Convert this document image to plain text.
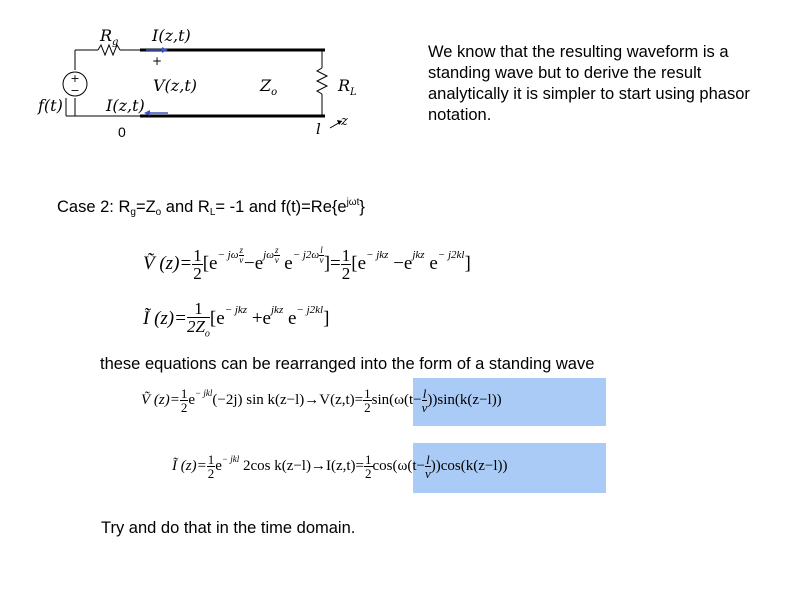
+
−
$R_g$ I(z,t)
+
V(z,t)	$Z_o$	$R_L$
f(t)	I(z,t)
0	l z
We know that the resulting waveform is a standing wave but to derive the result analytically it is simpler to start using phasor notation.
Case 2: $R_g=Z_o$ and $R_L= -1$ and $f(t)=Re\{e^{j\omega t}\}$
Ṽ $(z)= \frac{1}{2} [e^{- j\omega \frac{z}{v}} -e^{j\omega \frac{z}{v}}$ $e^{- j2\omega \frac{l}{v}}$ ]= $\frac{1}{2} [e^{- jkz} -e^{jkz}$ $e^{- j2kl}$]
Ĩ $(z)= \frac{1}{2Z_o} [e^{- jkz} +e^{jkz}$ $e^{- j2kl}$]
these equations can be rearranged into the form of a standing wave
Ṽ $(z)= \frac{1}{2} e^{- jkl}(-2j)$ $\sin k(z-l)\to V(z,t)= \frac{1}{2} \sin(\omega(t- \frac{l}{v} ))\sin(k(z-l))$
Ĩ $(z)= \frac{1}{2} e^{- jkl}$ 2cos $k(z-l)\to I(z,t)= \frac{1}{2} \cos(\omega(t- \frac{l}{v} ))\cos(k(z-l))$
Try and do that in the time domain.
